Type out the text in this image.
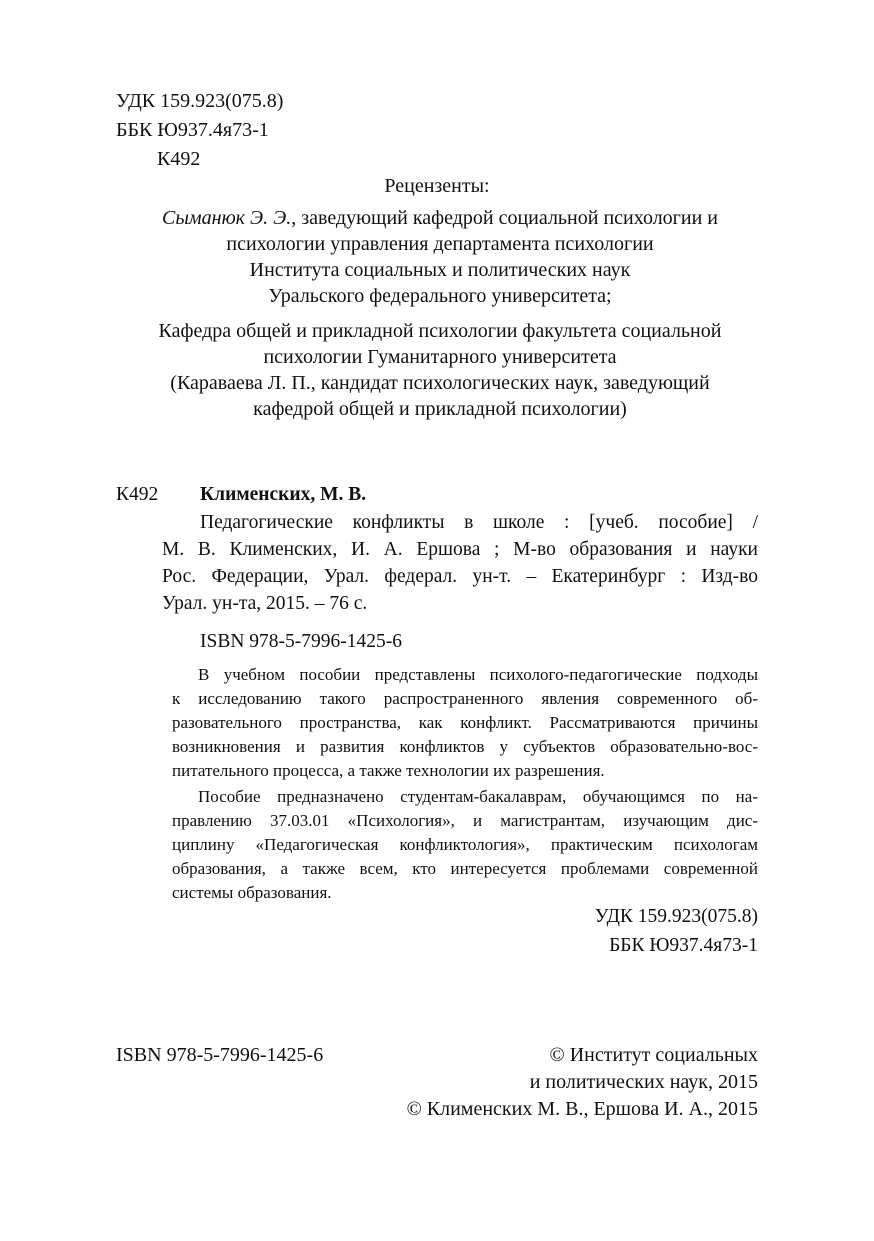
УДК 159.923(075.8)
ББК Ю937.4я73-1
К492
Рецензенты:

Сыманюк Э. Э., заведующий кафедрой социальной психологии и

психологии управления департамента психологии

Института социальных и политических наук

Уральского федерального университета;

Кафедра общей и прикладной психологии факультета социальной

психологии Гуманитарного университета

(Караваева Л. П., кандидат психологических наук, заведующий

кафедрой общей и прикладной психологии)

К492 Клименских, М. В.

Педагогические конфликты в школе : [учеб. пособие] /

М. В. Клименских, И. А. Ершова ; М-во образования и науки

Рос. Федерации, Урал. федерал. ун-т. – Екатеринбург : Изд-во

Урал. ун-та, 2015. – 76 с.

ISBN 978-5-7996-1425-6

В учебном пособии представлены психолого-педагогические подходы

к исследованию такого распространенного явления современного об-

разовательного пространства, как конфликт. Рассматриваются причины

возникновения и развития конфликтов у субъектов образовательно-вос-

питательного процесса, а также технологии их разрешения.

Пособие предназначено студентам-бакалаврам, обучающимся по на-

правлению 37.03.01 «Психология», и магистрантам, изучающим дис-

циплину «Педагогическая конфликтология», практическим психологам

образования, а также всем, кто интересуется проблемами современной

системы образования.

УДК 159.923(075.8)
ББК Ю937.4я73-1
ISBN 978-5-7996-1425-6	© Институт социальных
и политических наук, 2015
© Клименских М. В., Ершова И. А., 2015
